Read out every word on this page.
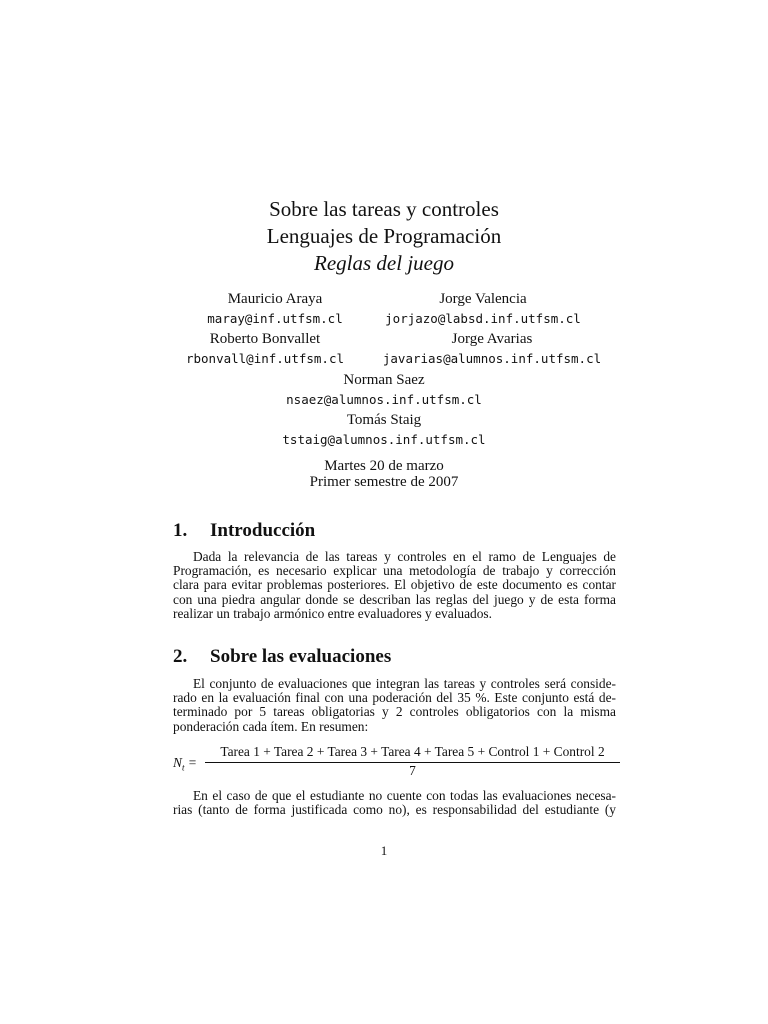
Sobre las tareas y controles
Lenguajes de Programación
Reglas del juego
Mauricio Araya
maray@inf.utfsm.cl
Jorge Valencia
jorjazo@labsd.inf.utfsm.cl
Roberto Bonvallet
rbonvall@inf.utfsm.cl
Jorge Avarias
javarias@alumnos.inf.utfsm.cl
Norman Saez
nsaez@alumnos.inf.utfsm.cl
Tomás Staig
tstaig@alumnos.inf.utfsm.cl
Martes 20 de marzo
Primer semestre de 2007
1. Introducción
Dada la relevancia de las tareas y controles en el ramo de Lenguajes de
Programación, es necesario explicar una metodología de trabajo y corrección
clara para evitar problemas posteriores. El objetivo de este documento es contar
con una piedra angular donde se describan las reglas del juego y de esta forma
realizar un trabajo armónico entre evaluadores y evaluados.
2. Sobre las evaluaciones
El conjunto de evaluaciones que integran las tareas y controles será conside-
rado en la evaluación final con una poderación del 35 %. Este conjunto está de-
terminado por 5 tareas obligatorias y 2 controles obligatorios con la misma
ponderación cada ítem. En resumen:
$N_t$ =
Tarea 1 + Tarea 2 + Tarea 3 + Tarea 4 + Tarea 5 + Control 1 + Control 2
7
En el caso de que el estudiante no cuente con todas las evaluaciones necesa-
rias (tanto de forma justificada como no), es responsabilidad del estudiante (y
1
